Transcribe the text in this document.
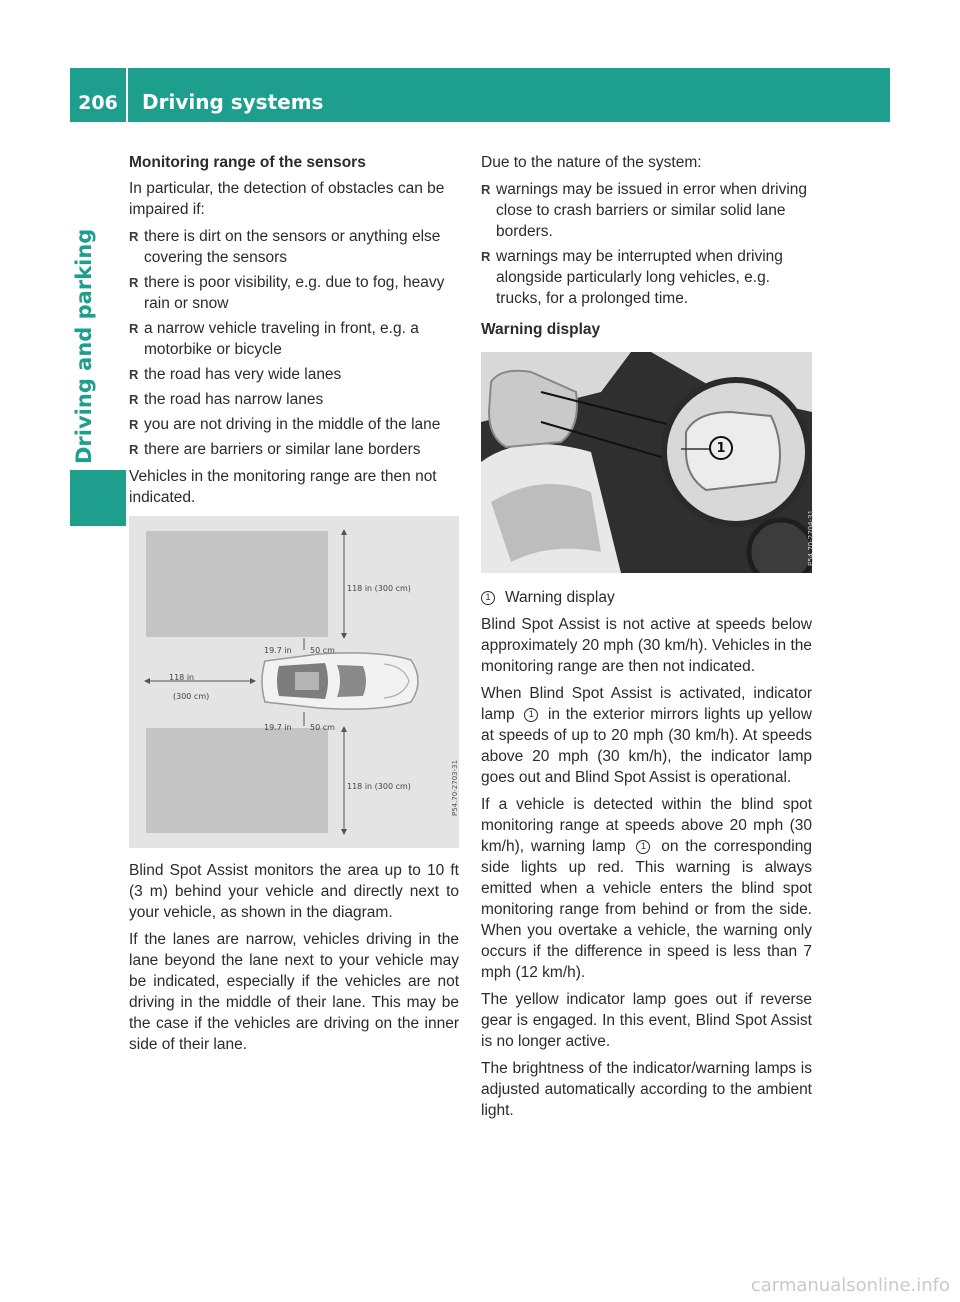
206	Driving systems
Driving and parking
Monitoring range of the sensors

In particular, the detection of obstacles can be impaired if:

R there is dirt on the sensors or anything else covering the sensors
R there is poor visibility, e.g. due to fog, heavy rain or snow
R a narrow vehicle traveling in front, e.g. a motorbike or bicycle
R the road has very wide lanes
R the road has narrow lanes
R you are not driving in the middle of the lane
R there are barriers or similar lane borders

Vehicles in the monitoring range are then not indicated.

118 in (300 cm)
19.7 in 50 cm
118 in
(300 cm)
19.7 in 50 cm
118 in (300 cm)	P54.70-2703-31

Blind Spot Assist monitors the area up to 10 ft (3 m) behind your vehicle and directly next to your vehicle, as shown in the diagram.

If the lanes are narrow, vehicles driving in the lane beyond the lane next to your vehicle may be indicated, especially if the vehicles are not driving in the middle of their lane. This may be the case if the vehicles are driving on the inner side of their lane.

Due to the nature of the system:

R warnings may be issued in error when driving close to crash barriers or similar solid lane borders.
R warnings may be interrupted when driving alongside particularly long vehicles, e.g. trucks, for a prolonged time.
Warning display
1
P54.70-2704-31
1 Warning display

Blind Spot Assist is not active at speeds below approximately 20 mph (30 km/h). Vehicles in the monitoring range are then not indicated.

When Blind Spot Assist is activated, indicator lamp 1 in the exterior mirrors lights up yellow at speeds of up to 20 mph (30 km/h). At speeds above 20 mph (30 km/h), the indicator lamp goes out and Blind Spot Assist is operational.

If a vehicle is detected within the blind spot monitoring range at speeds above 20 mph (30 km/h), warning lamp 1 on the corresponding side lights up red. This warning is always emitted when a vehicle enters the blind spot monitoring range from behind or from the side. When you overtake a vehicle, the warning only occurs if the difference in speed is less than 7 mph (12 km/h).

The yellow indicator lamp goes out if reverse gear is engaged. In this event, Blind Spot Assist is no longer active.

The brightness of the indicator/warning lamps is adjusted automatically according to the ambient light.

carmanualsonline.info
